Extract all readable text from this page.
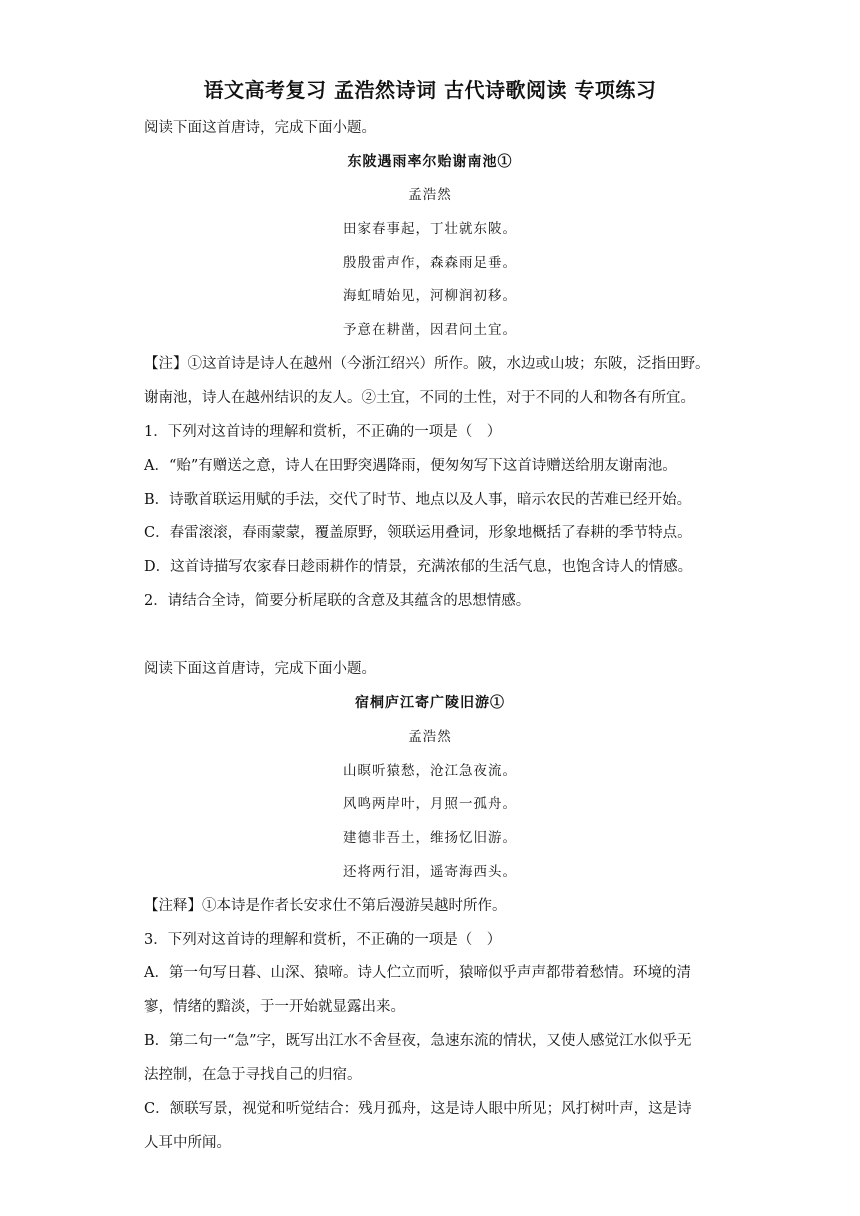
语文高考复习 孟浩然诗词 古代诗歌阅读 专项练习
阅读下面这首唐诗，完成下面小题。
东陂遇雨率尔贻谢南池①
孟浩然
田家春事起，丁壮就东陂。
殷殷雷声作，森森雨足垂。
海虹晴始见，河柳润初移。
予意在耕凿，因君问土宜。
【注】①这首诗是诗人在越州（今浙江绍兴）所作。陂，水边或山坡；东陂，泛指田野。
谢南池，诗人在越州结识的友人。②土宜，不同的土性，对于不同的人和物各有所宜。
1．下列对这首诗的理解和赏析，不正确的一项是（　）
A．“贻”有赠送之意，诗人在田野突遇降雨，便匆匆写下这首诗赠送给朋友谢南池。
B．诗歌首联运用赋的手法，交代了时节、地点以及人事，暗示农民的苦难已经开始。
C．春雷滚滚，春雨蒙蒙，覆盖原野，领联运用叠词，形象地概括了春耕的季节特点。
D．这首诗描写农家春日趁雨耕作的情景，充满浓郁的生活气息，也饱含诗人的情感。
2．请结合全诗，简要分析尾联的含意及其蕴含的思想情感。
阅读下面这首唐诗，完成下面小题。
宿桐庐江寄广陵旧游①
孟浩然
山暝听猿愁，沧江急夜流。
风鸣两岸叶，月照一孤舟。
建德非吾土，维扬忆旧游。
还将两行泪，遥寄海西头。
【注释】①本诗是作者长安求仕不第后漫游吴越时所作。
3．下列对这首诗的理解和赏析，不正确的一项是（　）
A．第一句写日暮、山深、猿啼。诗人伫立而听，猿啼似乎声声都带着愁情。环境的清
寥，情绪的黯淡，于一开始就显露出来。
B．第二句一“急”字，既写出江水不舍昼夜，急速东流的情状，又使人感觉江水似乎无
法控制，在急于寻找自己的归宿。
C．颔联写景，视觉和听觉结合：残月孤舟，这是诗人眼中所见；风打树叶声，这是诗
人耳中所闻。
